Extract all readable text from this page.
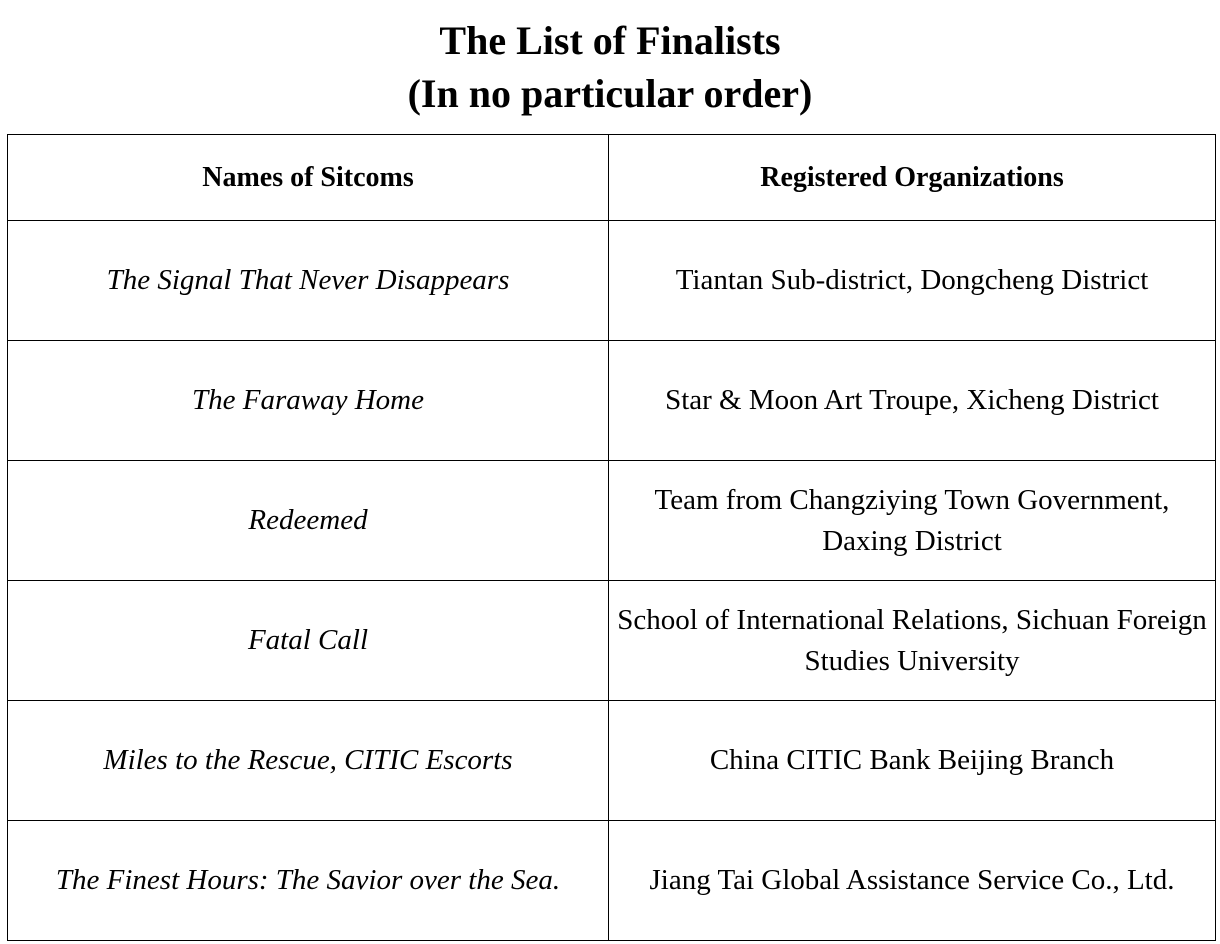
The List of Finalists
(In no particular order)
Names of Sitcoms	Registered Organizations
The Signal That Never Disappears	Tiantan Sub-district, Dongcheng District
The Faraway Home	Star & Moon Art Troupe, Xicheng District
Redeemed	Team from Changziying Town Government, Daxing District
Fatal Call	School of International Relations, Sichuan Foreign Studies University
Miles to the Rescue, CITIC Escorts	China CITIC Bank Beijing Branch
The Finest Hours: The Savior over the Sea.	Jiang Tai Global Assistance Service Co., Ltd.
